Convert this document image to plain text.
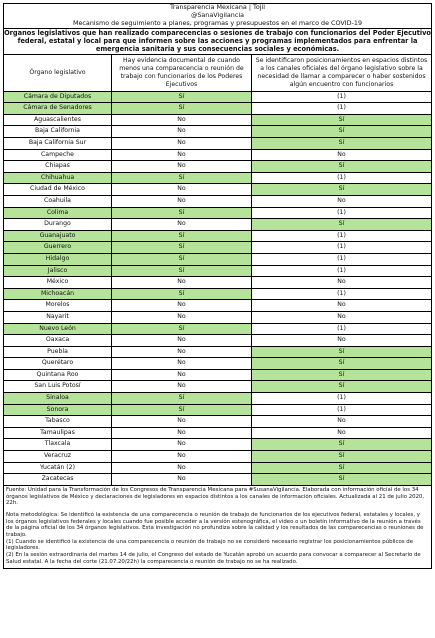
Transparencia Mexicana | Tojil
@SanaVigilancia
Mecanismo de seguimiento a planes, programas y presupuestos en el marco de COVID-19
Órganos legislativos que han realizado comparecencias o sesiones de trabajo con funcionarios del Poder Ejecutivo federal, estatal y local para que informen sobre las acciones y programas implementados para enfrentar la emergencia sanitaria y sus consecuencias sociales y económicas.
Órgano legislativo	Hay evidencia documental de cuando menos una comparecencia o reunión de trabajo con funcionarios de los Poderes Ejecutivos	Se identificaron posicionamientos en espacios distintos a los canales oficiales del órgano legislativo sobre la necesidad de llamar a comparecer o haber sostenidos algún encuentro con funcionarios
Cámara de Diputados	Sí	(1)
Cámara de Senadores	Sí	(1)
Aguascalientes	No	Sí
Baja California	No	Sí
Baja California Sur	No	Sí
Campeche	No	No
Chiapas	No	Sí
Chihuahua	Sí	(1)
Ciudad de México	No	Sí
Coahuila	No	No
Colima	Sí	(1)
Durango	No	Sí
Guanajuato	Sí	(1)
Guerrero	Sí	(1)
Hidalgo	Sí	(1)
Jalisco	Sí	(1)
México	No	No
Michoacán	Sí	(1)
Morelos	No	No
Nayarit	No	No
Nuevo León	Sí	(1)
Oaxaca	No	No
Puebla	No	Sí
Querétaro	No	Sí
Quintana Roo	No	Sí
San Luis Potosí	No	Sí
Sinaloa	Sí	(1)
Sonora	Sí	(1)
Tabasco	No	No
Tamaulipas	No	No
Tlaxcala	No	Sí
Veracruz	No	Sí
Yucatán (2)	No	Sí
Zacatecas	No	Sí

Fuente: Unidad para la Transformación de los Congresos de Transparencia Mexicana para #SusanaVigilancia. Elaborada con información oficial de los 34 órganos legislativos de México y declaraciones de legisladores en espacios distintos a los canales de información oficiales. Actualizada al 21 de julio 2020, 22h.

Nota metodológica: Se identificó la existencia de una comparecencia o reunión de trabajo de funcionarios de los ejecutivos federal, estatales y locales, y los órganos legislativos federales y locales cuando fue posible acceder a la versión estenográfica, el video o un boletín informativo de la reunión a través de la página oficial de los 34 órganos legislativos. Esta investigación no profundiza sobre la calidad y los resultados de las comparecencias o reuniones de trabajo.

(1) Cuando se identificó la existencia de una comparecencia o reunión de trabajo no se consideró necesario registrar los posicionamientos públicos de legisladores.

(2) En la sesión extraordinaria del martes 14 de julio, el Congreso del estado de Yucatán aprobó un acuerdo para convocar a comparecer al Secretario de Salud estatal. A la fecha del corte (21.07.20/22h) la comparecencia o reunión de trabajo no se ha realizado.
